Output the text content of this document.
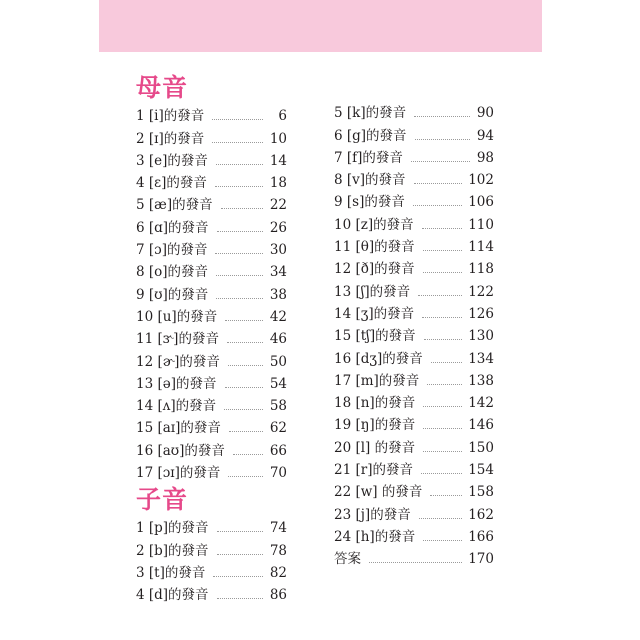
母音
1 [i]的發音	6
2 [ɪ]的發音	10
3 [e]的發音	14
4 [ɛ]的發音	18
5 [æ]的發音	22
6 [ɑ]的發音	26
7 [ɔ]的發音	30
8 [o]的發音	34
9 [ʊ]的發音	38
10 [u]的發音	42
11 [ɝ]的發音	46
12 [ɚ]的發音	50
13 [ə]的發音	54
14 [ʌ]的發音	58
15 [aɪ]的發音	62
16 [aʊ]的發音	66
17 [ɔɪ]的發音	70
子音
1 [p]的發音	74
2 [b]的發音	78
3 [t]的發音	82
4 [d]的發音	86
5 [k]的發音	90
6 [g]的發音	94
7 [f]的發音	98
8 [v]的發音	102
9 [s]的發音	106
10 [z]的發音	110
11 [θ]的發音	114
12 [ð]的發音	118
13 [ʃ]的發音	122
14 [ʒ]的發音	126
15 [tʃ]的發音	130
16 [dʒ]的發音	134
17 [m]的發音	138
18 [n]的發音	142
19 [ŋ]的發音	146
20 [l] 的發音	150
21 [r]的發音	154
22 [w] 的發音	158
23 [j]的發音	162
24 [h]的發音	166
答案	170
